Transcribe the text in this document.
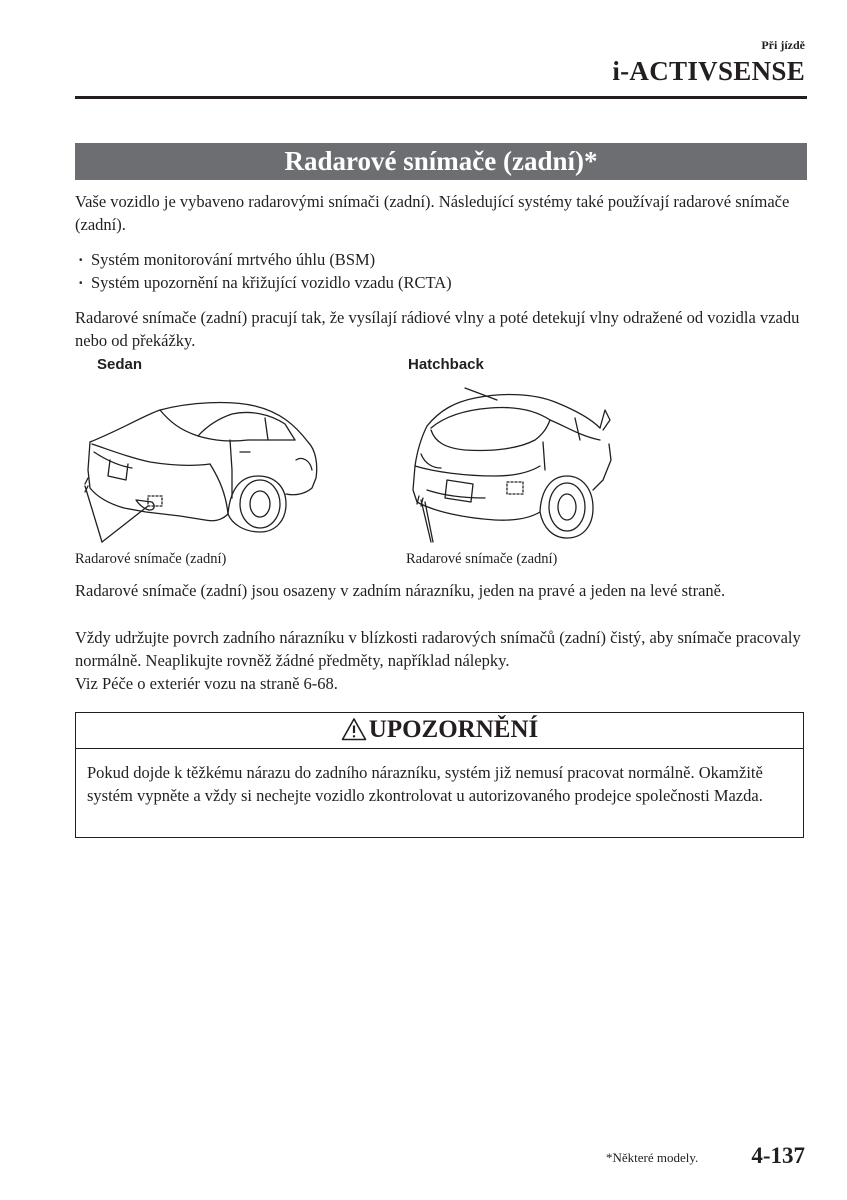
Při jízdě
i-ACTIVSENSE
Radarové snímače (zadní)*
Vaše vozidlo je vybaveno radarovými snímači (zadní). Následující systémy také používají radarové snímače (zadní).
· Systém monitorování mrtvého úhlu (BSM)
· Systém upozornění na křižující vozidlo vzadu (RCTA)
Radarové snímače (zadní) pracují tak, že vysílají rádiové vlny a poté detekují vlny odražené od vozidla vzadu nebo od překážky.
Sedan	Hatchback
Radarové snímače (zadní)	Radarové snímače (zadní)
Radarové snímače (zadní) jsou osazeny v zadním nárazníku, jeden na pravé a jeden na levé straně.
Vždy udržujte povrch zadního nárazníku v blízkosti radarových snímačů (zadní) čistý, aby snímače pracovaly normálně. Neaplikujte rovněž žádné předměty, například nálepky.
Viz Péče o exteriér vozu na straně 6-68.
UPOZORNĚNÍ
Pokud dojde k těžkému nárazu do zadního nárazníku, systém již nemusí pracovat normálně. Okamžitě systém vypněte a vždy si nechejte vozidlo zkontrolovat u autorizovaného prodejce společnosti Mazda.
*Některé modely. 4-137
